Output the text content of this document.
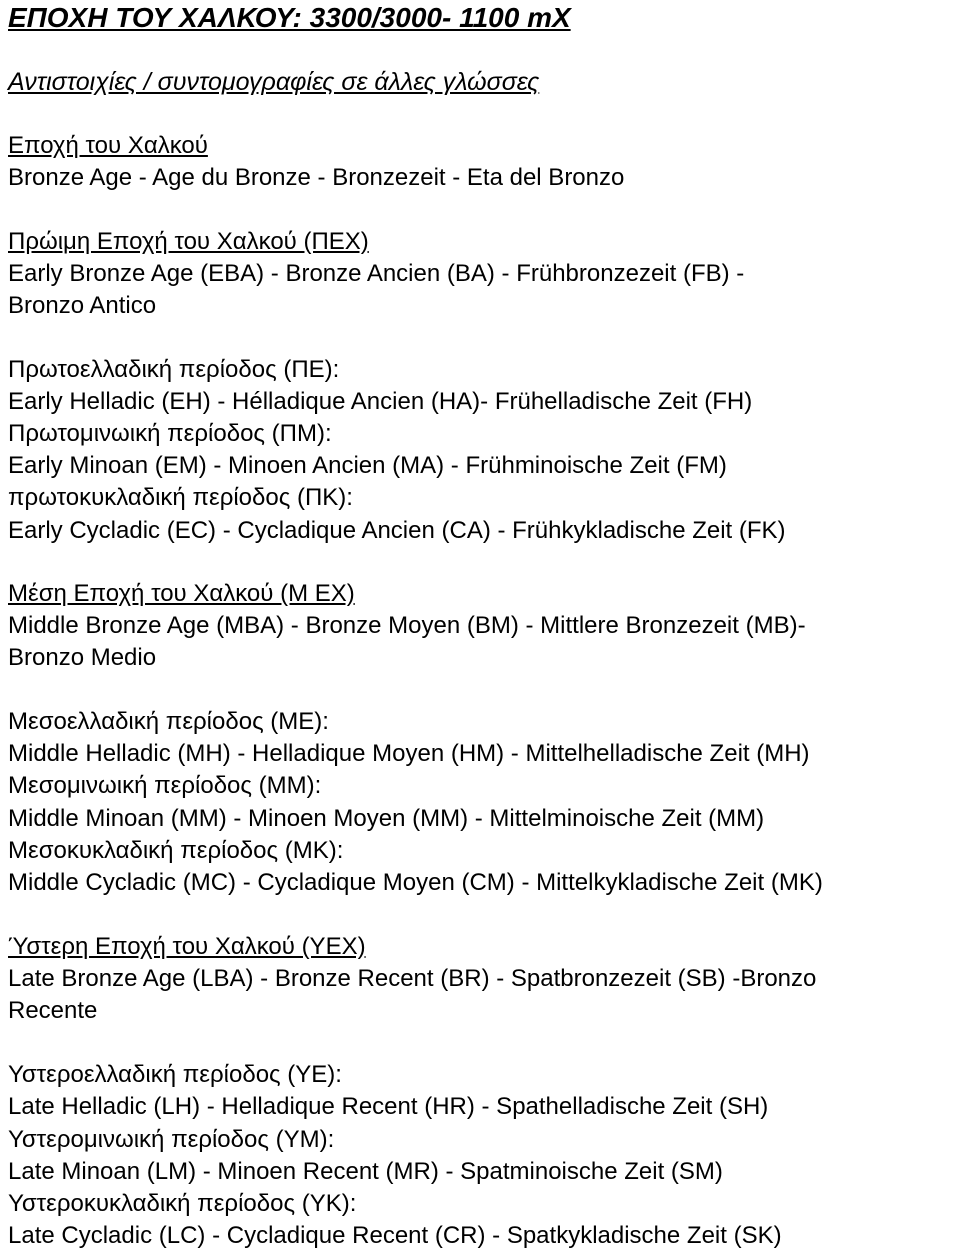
ΕΠΟΧΗ ΤΟΥ ΧΑΛΚΟΥ: 3300/3000- 1100 mΧ
Αντιστοιχίες / συντομογραφίες σε άλλες γλώσσες
Εποχή του Χαλκού
Bronze Age - Age du Bronze - Bronzezeit - Eta del Bronzo
Πρώιμη Εποχή του Χαλκού (ΠΕΧ)
Early Bronze Age (EBA) - Bronze Ancien (BA) - Frühbronzezeit (FB) -
Bronzo Antico
Πρωτοελλαδική περίοδος (ΠΕ):
Early Helladic (EH) - Hélladique Ancien (HA)- Frühelladische Zeit (FH)
Πρωτομινωική περίοδος (ΠΜ):
Early Minoan (EM) - Minoen Ancien (MA) - Frühminoische Zeit (FM)
πρωτοκυκλαδική περίοδος (ΠΚ):
Early Cycladic (EC) - Cycladique Ancien (CA) - Frühkykladische Zeit (FK)
Μέση Εποχή του Χαλκού (Μ ΕΧ)
Middle Bronze Age (MBA) - Bronze Moyen (BM) - Mittlere Bronzezeit (MB)-
Bronzo Medio
Μεσοελλαδική περίοδος (ΜΕ):
Middle Helladic (MH) - Helladique Moyen (HM) - Mittelhelladische Zeit (MH)
Μεσομινωική περίοδος (ΜΜ):
Middle Minoan (MM) - Minoen Moyen (MM) - Mittelminoische Zeit (MM)
Μεσοκυκλαδική περίοδος (ΜΚ):
Middle Cycladic (MC) - Cycladique Moyen (CM) - Mittelkykladische Zeit (MK)
Ύστερη Εποχή του Χαλκού (ΥΕΧ)
Late Bronze Age (LBA) - Bronze Recent (BR) - Spatbronzezeit (SB) -Bronzo
Recente
Υστεροελλαδική περίοδος (ΥΕ):
Late Helladic (LH) - Helladique Recent (HR) - Spathelladische Zeit (SH)
Υστερομινωική περίοδος (ΥΜ):
Late Minoan (LM) - Minoen Recent (MR) - Spatminoische Zeit (SM)
Υστεροκυκλαδική περίοδος (ΥΚ):
Late Cycladic (LC) - Cycladique Recent (CR) - Spatkykladische Zeit (SK)
